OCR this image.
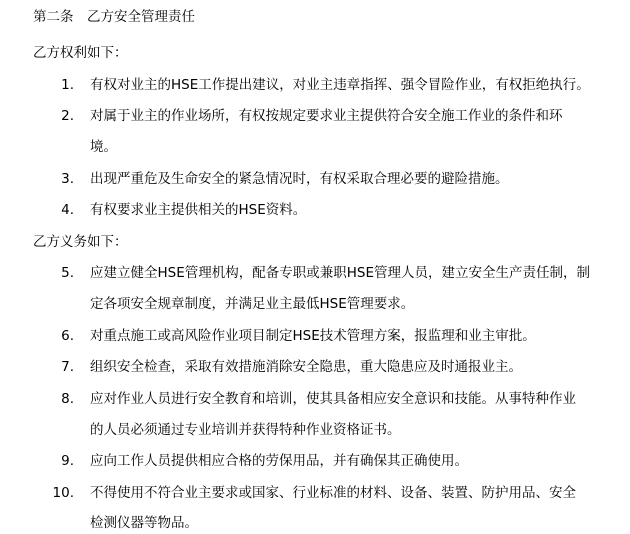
第二条　乙方安全管理责任
乙方权利如下：
1. 有权对业主的HSE工作提出建议，对业主违章指挥、强令冒险作业，有权拒绝执行。
2. 对属于业主的作业场所，有权按规定要求业主提供符合安全施工作业的条件和环
境。
3. 出现严重危及生命安全的紧急情况时，有权采取合理必要的避险措施。
4. 有权要求业主提供相关的HSE资料。
乙方义务如下：
5. 应建立健全HSE管理机构，配备专职或兼职HSE管理人员，建立安全生产责任制，制
定各项安全规章制度，并满足业主最低HSE管理要求。
6. 对重点施工或高风险作业项目制定HSE技术管理方案，报监理和业主审批。
7. 组织安全检查，采取有效措施消除安全隐患，重大隐患应及时通报业主。
8. 应对作业人员进行安全教育和培训，使其具备相应安全意识和技能。从事特种作业
的人员必须通过专业培训并获得特种作业资格证书。
9. 应向工作人员提供相应合格的劳保用品，并有确保其正确使用。
10. 不得使用不符合业主要求或国家、行业标准的材料、设备、装置、防护用品、安全
检测仪器等物品。
